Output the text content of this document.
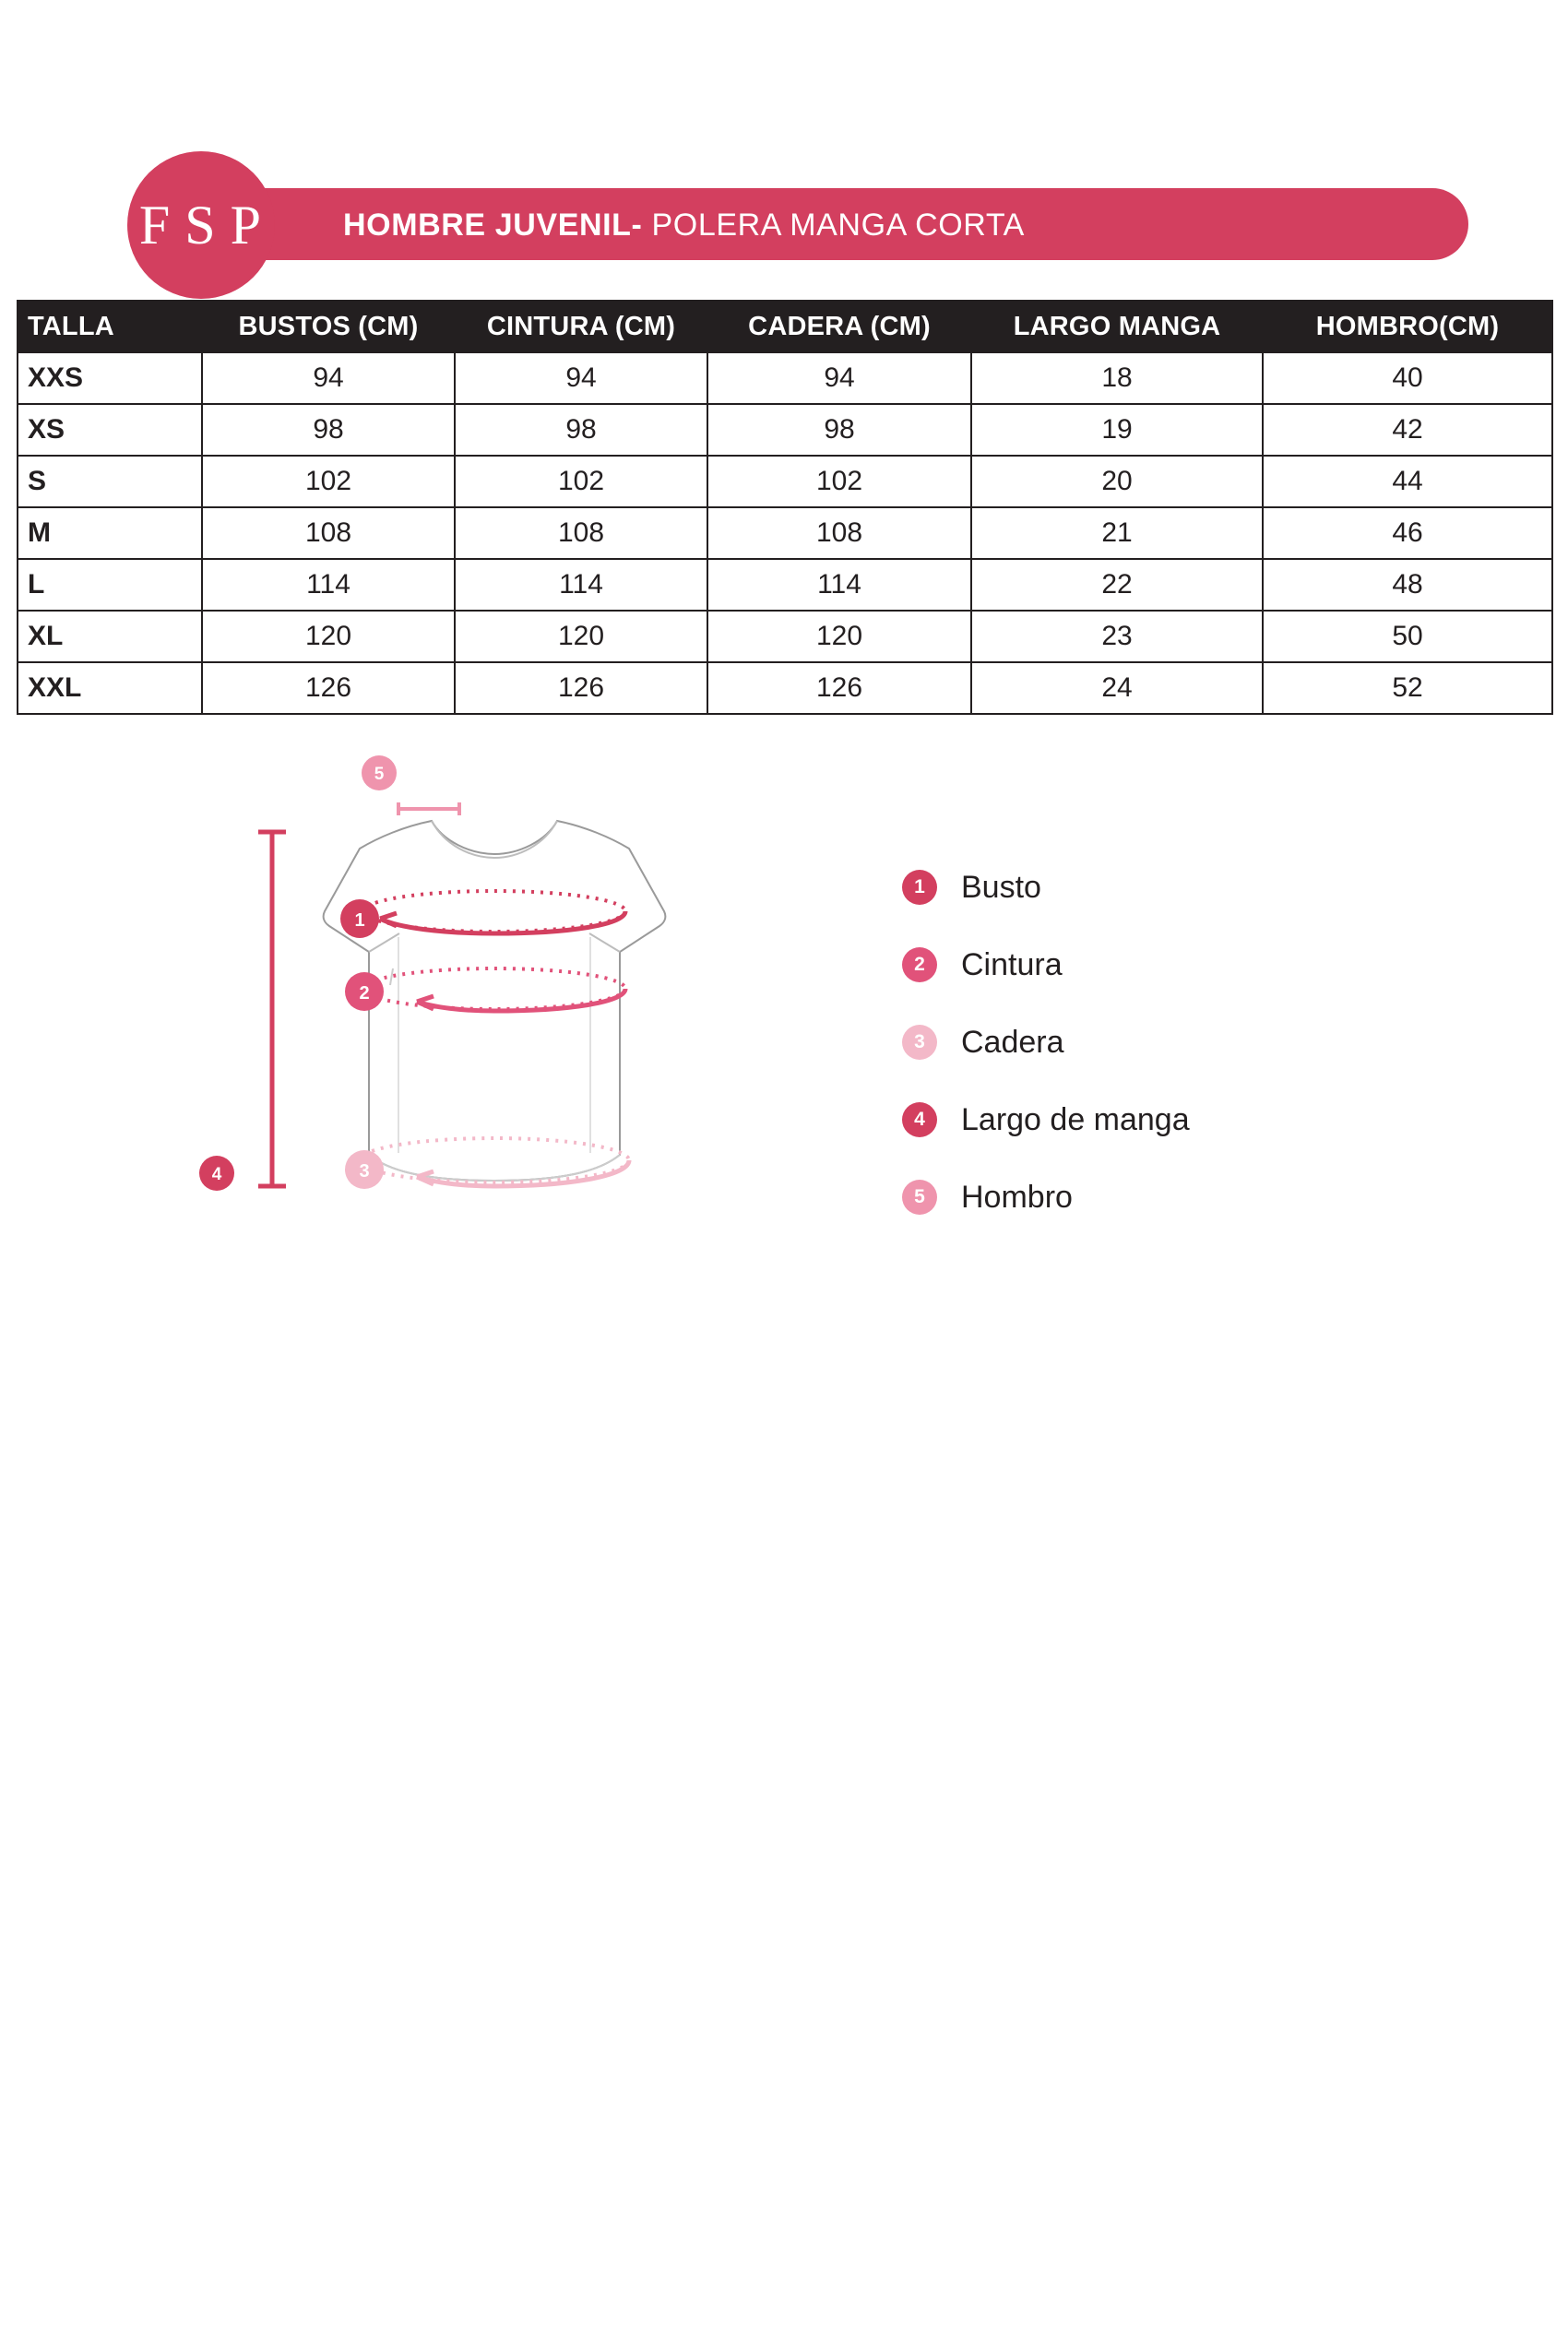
HOMBRE JUVENIL- POLERA MANGA CORTA
F S P
TALLA	BUSTOS (CM)	CINTURA (CM)	CADERA (CM)	LARGO MANGA	HOMBRO(CM)
XXS	94	94	94	18	40
XS	98	98	98	19	42
S	102	102	102	20	44
M	108	108	108	21	46
L	114	114	114	22	48
XL	120	120	120	23	50
XXL	126	126	126	24	52
5
4
1
2
3
1	Busto
2	Cintura
3	Cadera
4	Largo de manga
5	Hombro
